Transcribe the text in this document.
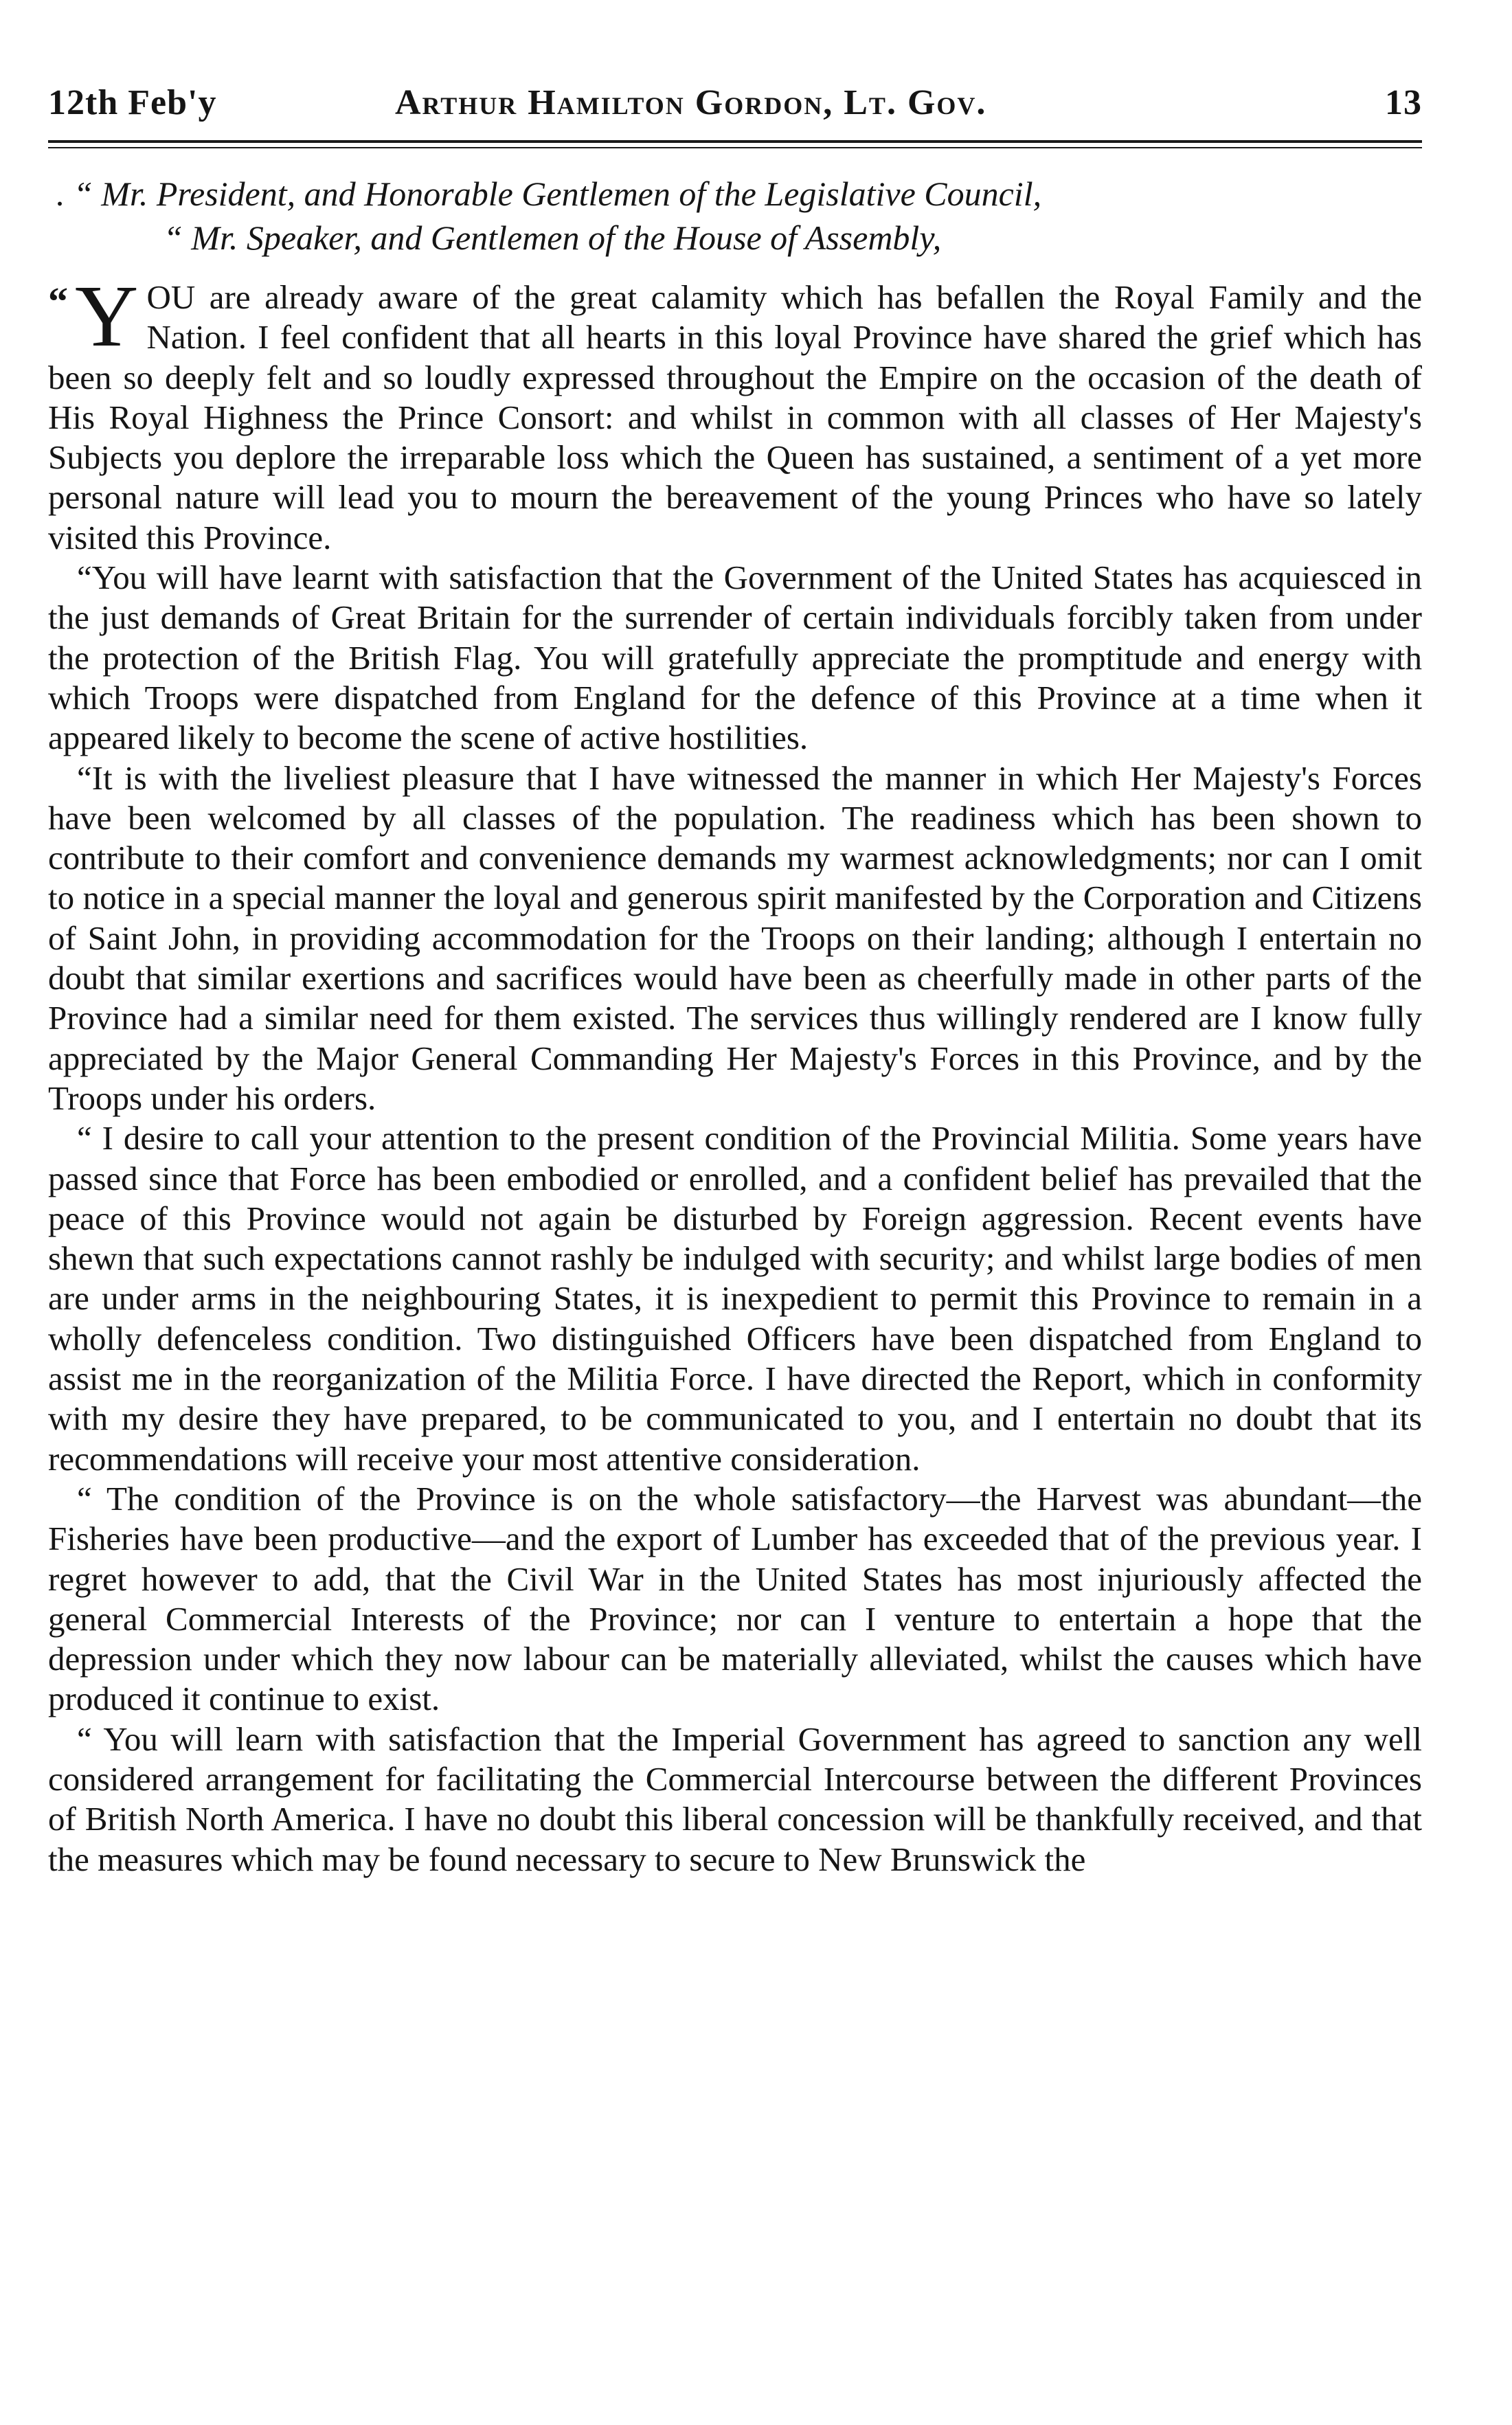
12th Feb'y	Arthur Hamilton Gordon, Lt. Gov.	13
. “ Mr. President, and Honorable Gentlemen of the Legislative Council,
“ Mr. Speaker, and Gentlemen of the House of Assembly,

“ Y OU are already aware of the great calamity which has befallen the Royal Family and the Nation. I feel confident that all hearts in this loyal Province have shared the grief which has been so deeply felt and so loudly expressed throughout the Empire on the occasion of the death of His Royal Highness the Prince Consort: and whilst in common with all classes of Her Majesty's Subjects you deplore the irreparable loss which the Queen has sustained, a sentiment of a yet more personal nature will lead you to mourn the bereavement of the young Princes who have so lately visited this Province.

“You will have learnt with satisfaction that the Government of the United States has acquiesced in the just demands of Great Britain for the surrender of certain individuals forcibly taken from under the protection of the British Flag. You will gratefully appreciate the promptitude and energy with which Troops were dispatched from England for the defence of this Province at a time when it appeared likely to become the scene of active hostilities.

“It is with the liveliest pleasure that I have witnessed the manner in which Her Majesty's Forces have been welcomed by all classes of the population. The readiness which has been shown to contribute to their comfort and convenience demands my warmest acknowledgments; nor can I omit to notice in a special manner the loyal and generous spirit manifested by the Corporation and Citizens of Saint John, in providing accommodation for the Troops on their landing; although I entertain no doubt that similar exertions and sacrifices would have been as cheerfully made in other parts of the Province had a similar need for them existed. The services thus willingly rendered are I know fully appreciated by the Major General Commanding Her Majesty's Forces in this Province, and by the Troops under his orders.

“ I desire to call your attention to the present condition of the Provincial Militia. Some years have passed since that Force has been embodied or enrolled, and a confident belief has prevailed that the peace of this Province would not again be disturbed by Foreign aggression. Recent events have shewn that such expectations cannot rashly be indulged with security; and whilst large bodies of men are under arms in the neighbouring States, it is inexpedient to permit this Province to remain in a wholly defenceless condition. Two distinguished Officers have been dispatched from England to assist me in the reorganization of the Militia Force. I have directed the Report, which in conformity with my desire they have prepared, to be communicated to you, and I entertain no doubt that its recommendations will receive your most attentive consideration.

“ The condition of the Province is on the whole satisfactory—the Harvest was abundant—the Fisheries have been productive—and the export of Lumber has exceeded that of the previous year. I regret however to add, that the Civil War in the United States has most injuriously affected the general Commercial Interests of the Province; nor can I venture to entertain a hope that the depression under which they now labour can be materially alleviated, whilst the causes which have produced it continue to exist.

“ You will learn with satisfaction that the Imperial Government has agreed to sanction any well considered arrangement for facilitating the Commercial Intercourse between the different Provinces of British North America. I have no doubt this liberal concession will be thankfully received, and that the measures which may be found necessary to secure to New Brunswick the
